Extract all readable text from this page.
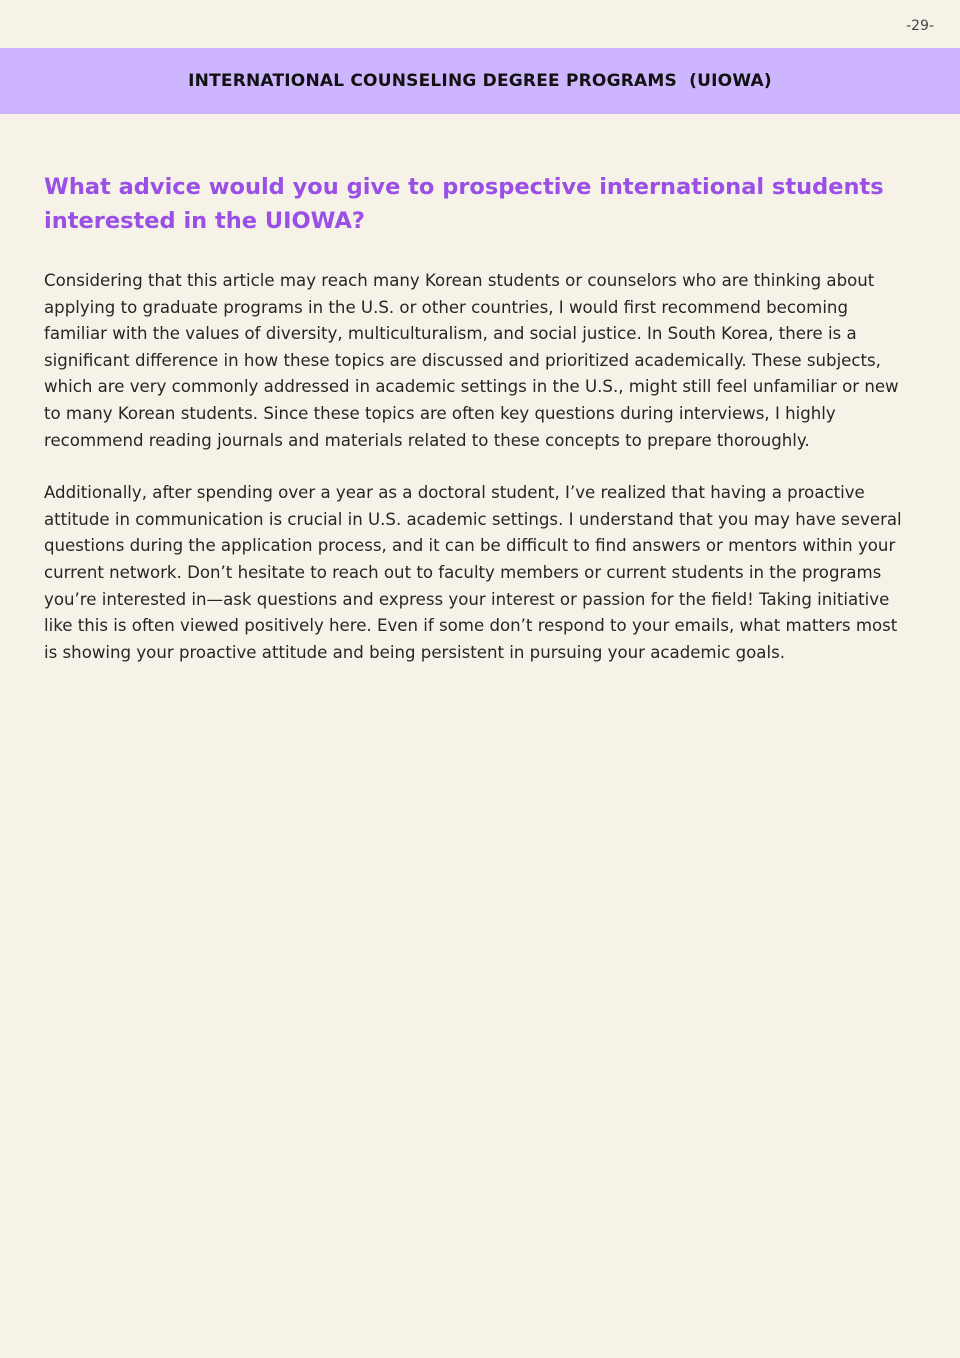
-29-
INTERNATIONAL COUNSELING DEGREE PROGRAMS  (UIOWA)
What advice would you give to prospective international students interested in the UIOWA?

Considering that this article may reach many Korean students or counselors who are thinking about applying to graduate programs in the U.S. or other countries, I would first recommend becoming familiar with the values of diversity, multiculturalism, and social justice. In South Korea, there is a significant difference in how these topics are discussed and prioritized academically. These subjects, which are very commonly addressed in academic settings in the U.S., might still feel unfamiliar or new to many Korean students. Since these topics are often key questions during interviews, I highly recommend reading journals and materials related to these concepts to prepare thoroughly.

Additionally, after spending over a year as a doctoral student, I’ve realized that having a proactive attitude in communication is crucial in U.S. academic settings. I understand that you may have several questions during the application process, and it can be difficult to find answers or mentors within your current network. Don’t hesitate to reach out to faculty members or current students in the programs you’re interested in—ask questions and express your interest or passion for the field! Taking initiative like this is often viewed positively here. Even if some don’t respond to your emails, what matters most is showing your proactive attitude and being persistent in pursuing your academic goals.
